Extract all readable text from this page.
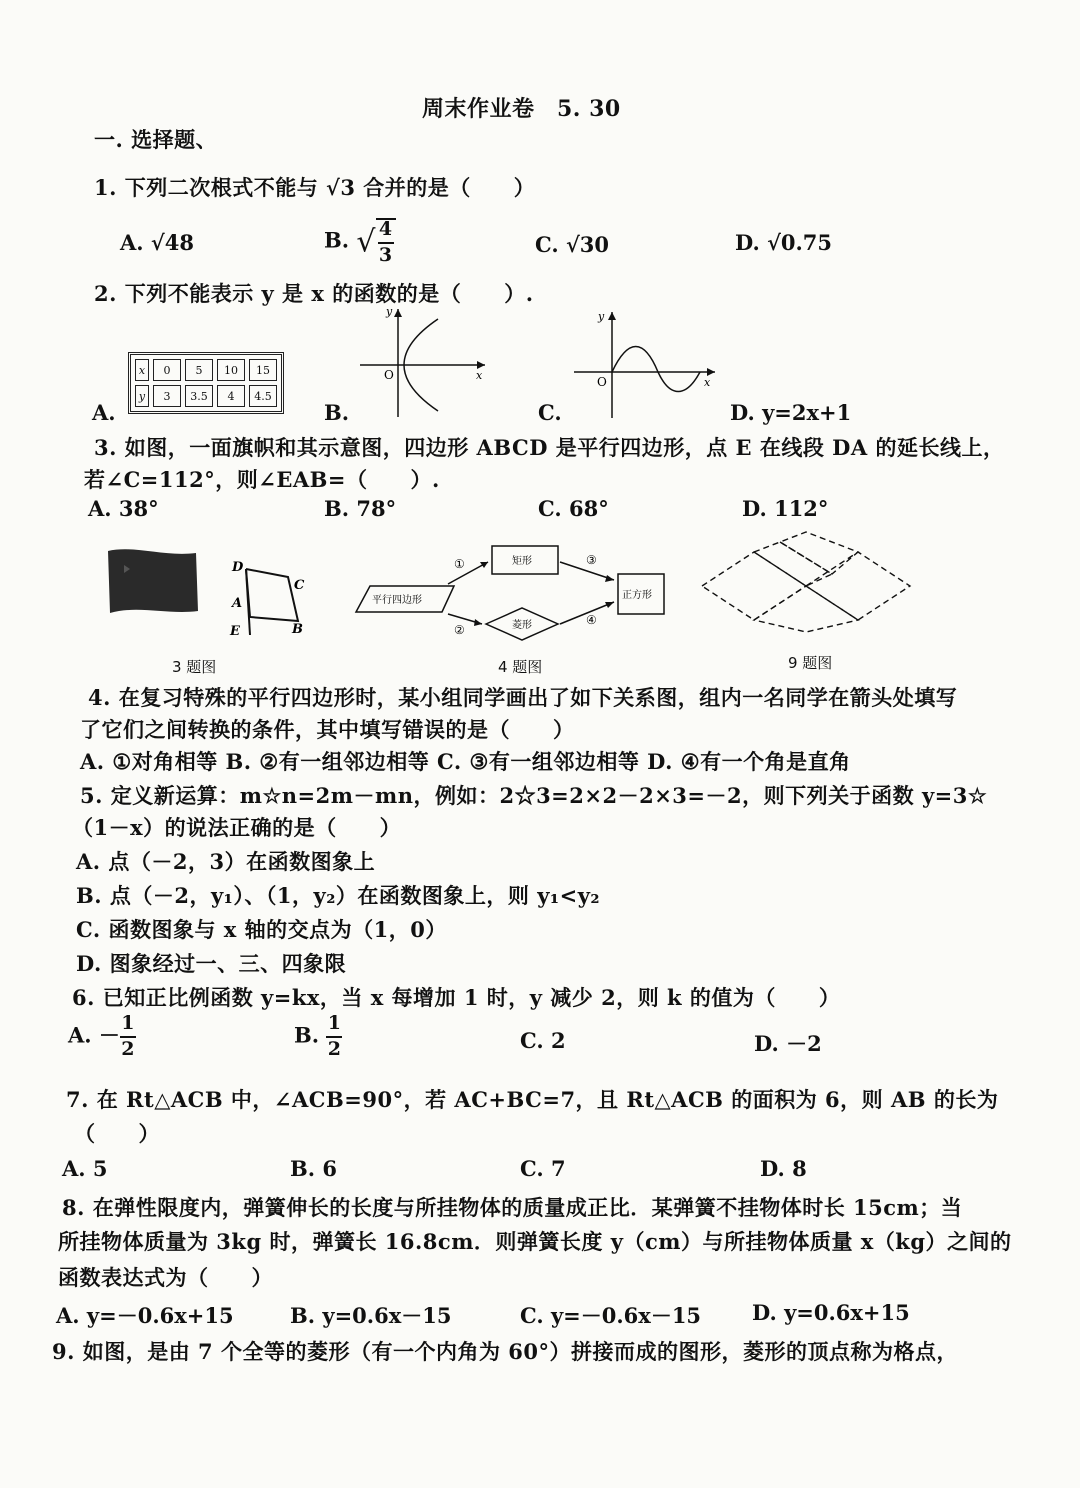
周末作业卷　5. 30
一. 选择题、
1. 下列二次根式不能与 √3 合并的是（　　）
A. √48	B. √ $\frac{4}{3}$	C. √30	D. √0.75
2. 下列不能表示 y 是 x 的函数的是（　　）.
x	0	5	10	15
y	3	3.5	4	4.5
A.	B.
y
x
O
C.
y
x
O
D. y=2x+1
3. 如图，一面旗帜和其示意图，四边形 ABCD 是平行四边形，点 E 在线段 DA 的延长线上，
若∠C=112°，则∠EAB=（　　）.
A. 38°	B. 78°	C. 68°	D. 112°
D
A
E
C
B
3 题图
平行四边形
矩形
菱形
正方形
①
②
③
④
4 题图	9 题图
4. 在复习特殊的平行四边形时，某小组同学画出了如下关系图，组内一名同学在箭头处填写
了它们之间转换的条件，其中填写错误的是（　　）
A. ①对角相等 B. ②有一组邻边相等 C. ③有一组邻边相等 D. ④有一个角是直角
5. 定义新运算：m☆n=2m－mn，例如：2☆3=2×2－2×3=－2，则下列关于函数 y=3☆
（1－x）的说法正确的是（　　）
A. 点（－2，3）在函数图象上
B. 点（－2，y₁）、（1，y₂）在函数图象上，则 y₁<y₂
C. 函数图象与 x 轴的交点为（1，0）
D. 图象经过一、三、四象限
6. 已知正比例函数 y=kx，当 x 每增加 1 时，y 减少 2，则 k 的值为（　　）
A. － $\frac{1}{2}$	B. $\frac{1}{2}$	C. 2	D. －2
7. 在 Rt△ACB 中，∠ACB=90°，若 AC+BC=7，且 Rt△ACB 的面积为 6，则 AB 的长为
（　　）
A. 5	B. 6	C. 7	D. 8
8. 在弹性限度内，弹簧伸长的长度与所挂物体的质量成正比．某弹簧不挂物体时长 15cm；当
所挂物体质量为 3kg 时，弹簧长 16.8cm．则弹簧长度 y（cm）与所挂物体质量 x（kg）之间的
函数表达式为（　　）
A. y=－0.6x+15	B. y=0.6x－15	C. y=－0.6x－15 D. y=0.6x+15
9. 如图，是由 7 个全等的菱形（有一个内角为 60°）拼接而成的图形，菱形的顶点称为格点，
